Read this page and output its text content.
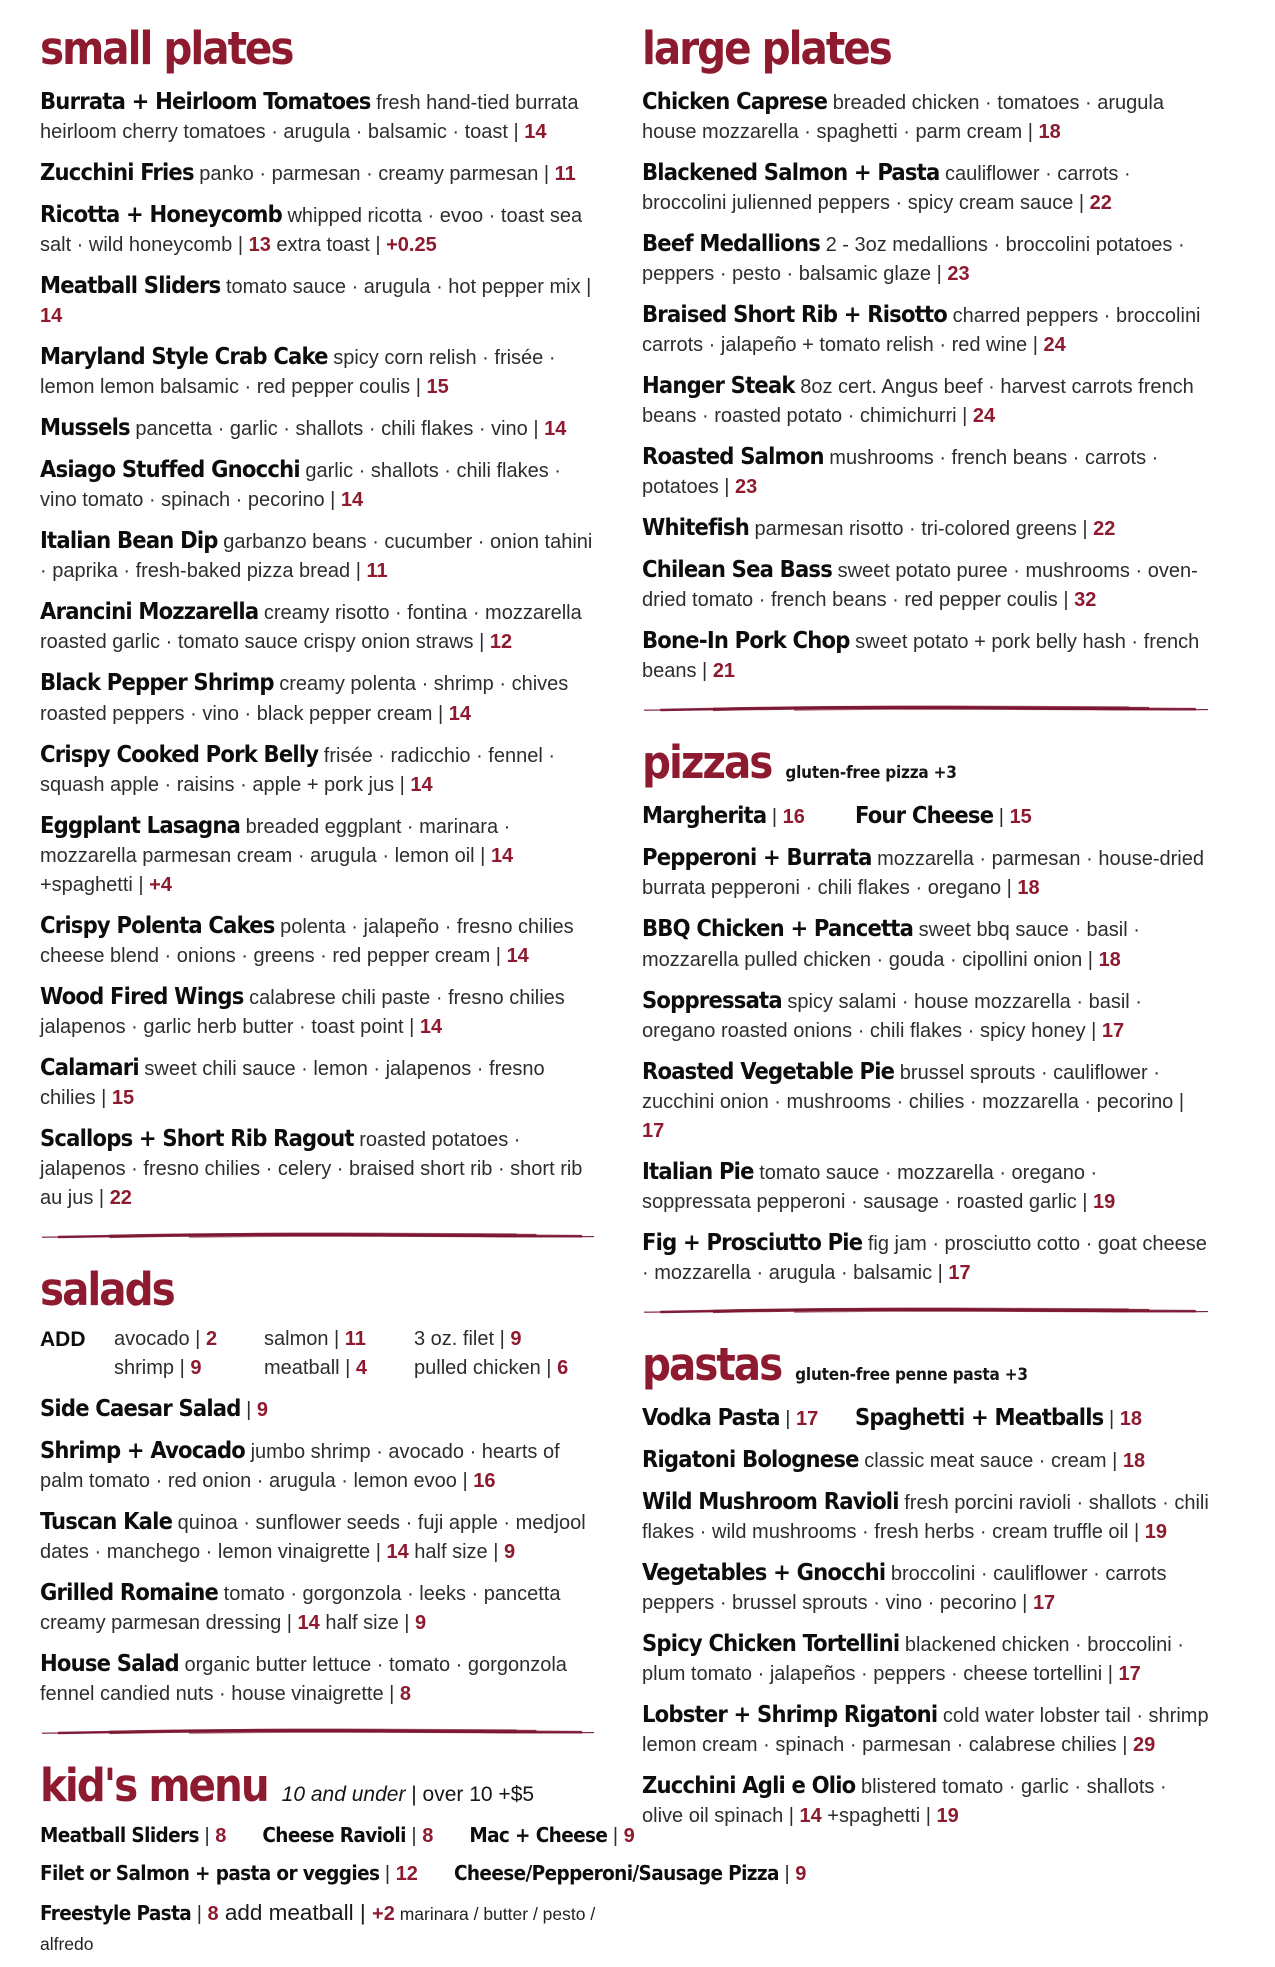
small plates

Burrata + Heirloom Tomatoes fresh hand-tied burrata heirloom cherry tomatoes · arugula · balsamic · toast | 14

Zucchini Fries panko · parmesan · creamy parmesan | 11

Ricotta + Honeycomb whipped ricotta · evoo · toast sea salt · wild honeycomb | 13 extra toast | +0.25

Meatball Sliders tomato sauce · arugula · hot pepper mix | 14

Maryland Style Crab Cake spicy corn relish · frisée · lemon lemon balsamic · red pepper coulis | 15

Mussels pancetta · garlic · shallots · chili flakes · vino | 14

Asiago Stuffed Gnocchi garlic · shallots · chili flakes · vino tomato · spinach · pecorino | 14

Italian Bean Dip garbanzo beans · cucumber · onion tahini · paprika · fresh-baked pizza bread | 11

Arancini Mozzarella creamy risotto · fontina · mozzarella roasted garlic · tomato sauce crispy onion straws | 12

Black Pepper Shrimp creamy polenta · shrimp · chives roasted peppers · vino · black pepper cream | 14

Crispy Cooked Pork Belly frisée · radicchio · fennel · squash apple · raisins · apple + pork jus | 14

Eggplant Lasagna breaded eggplant · marinara · mozzarella parmesan cream · arugula · lemon oil | 14 +spaghetti | +4

Crispy Polenta Cakes polenta · jalapeño · fresno chilies cheese blend · onions · greens · red pepper cream | 14

Wood Fired Wings calabrese chili paste · fresno chilies jalapenos · garlic herb butter · toast point | 14

Calamari sweet chili sauce · lemon · jalapenos · fresno chilies | 15

Scallops + Short Rib Ragout roasted potatoes · jalapenos · fresno chilies · celery · braised short rib · short rib au jus | 22

salads
ADD	avocado | 2
shrimp | 9
salmon | 11
meatball | 4
3 oz. filet | 9
pulled chicken | 6

Side Caesar Salad | 9

Shrimp + Avocado jumbo shrimp · avocado · hearts of palm tomato · red onion · arugula · lemon evoo | 16

Tuscan Kale quinoa · sunflower seeds · fuji apple · medjool dates · manchego · lemon vinaigrette | 14 half size | 9

Grilled Romaine tomato · gorgonzola · leeks · pancetta creamy parmesan dressing | 14 half size | 9

House Salad organic butter lettuce · tomato · gorgonzola fennel candied nuts · house vinaigrette | 8

kid's menu 10 and under | over 10 +$5

Meatball Sliders | 8 Cheese Ravioli | 8 Mac + Cheese | 9

Filet or Salmon + pasta or veggies | 12 Cheese/Pepperoni/Sausage Pizza | 9

Freestyle Pasta | 8 add meatball | +2 marinara / butter / pesto / alfredo

large plates

Chicken Caprese breaded chicken · tomatoes · arugula house mozzarella · spaghetti · parm cream | 18

Blackened Salmon + Pasta cauliflower · carrots · broccolini julienned peppers · spicy cream sauce | 22

Beef Medallions 2 - 3oz medallions · broccolini potatoes · peppers · pesto · balsamic glaze | 23

Braised Short Rib + Risotto charred peppers · broccolini carrots · jalapeño + tomato relish · red wine | 24

Hanger Steak 8oz cert. Angus beef · harvest carrots french beans · roasted potato · chimichurri | 24

Roasted Salmon mushrooms · french beans · carrots · potatoes | 23

Whitefish parmesan risotto · tri-colored greens | 22

Chilean Sea Bass sweet potato puree · mushrooms · oven-dried tomato · french beans · red pepper coulis | 32

Bone-In Pork Chop sweet potato + pork belly hash · french beans | 21

pizzas gluten-free pizza +3

Margherita | 16 Four Cheese | 15

Pepperoni + Burrata mozzarella · parmesan · house-dried burrata pepperoni · chili flakes · oregano | 18

BBQ Chicken + Pancetta sweet bbq sauce · basil · mozzarella pulled chicken · gouda · cipollini onion | 18

Soppressata spicy salami · house mozzarella · basil · oregano roasted onions · chili flakes · spicy honey | 17

Roasted Vegetable Pie brussel sprouts · cauliflower · zucchini onion · mushrooms · chilies · mozzarella · pecorino | 17

Italian Pie tomato sauce · mozzarella · oregano · soppressata pepperoni · sausage · roasted garlic | 19

Fig + Prosciutto Pie fig jam · prosciutto cotto · goat cheese · mozzarella · arugula · balsamic | 17

pastas gluten-free penne pasta +3

Vodka Pasta | 17 Spaghetti + Meatballs | 18

Rigatoni Bolognese classic meat sauce · cream | 18

Wild Mushroom Ravioli fresh porcini ravioli · shallots · chili flakes · wild mushrooms · fresh herbs · cream truffle oil | 19

Vegetables + Gnocchi broccolini · cauliflower · carrots peppers · brussel sprouts · vino · pecorino | 17

Spicy Chicken Tortellini blackened chicken · broccolini · plum tomato · jalapeños · peppers · cheese tortellini | 17

Lobster + Shrimp Rigatoni cold water lobster tail · shrimp lemon cream · spinach · parmesan · calabrese chilies | 29

Zucchini Agli e Olio blistered tomato · garlic · shallots · olive oil spinach | 14 +spaghetti | 19
